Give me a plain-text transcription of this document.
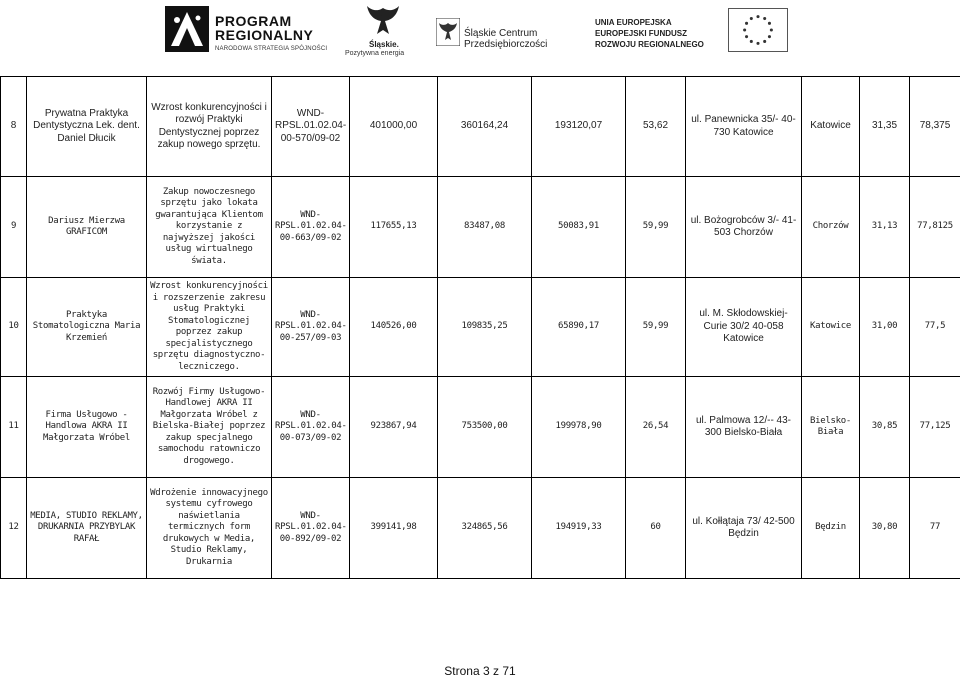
PROGRAM
REGIONALNY
NARODOWA STRATEGIA SPÓJNOŚCI	Śląskie.
Pozytywna energia
Śląskie Centrum
Przedsiębiorczości
UNIA EUROPEJSKA
EUROPEJSKI FUNDUSZ
ROZWOJU REGIONALNEGO
8	Prywatna Praktyka Dentystyczna Lek. dent. Daniel Dłucik	Wzrost konkurencyjności i rozwój Praktyki Dentystycznej poprzez zakup nowego sprzętu.	WND-RPSL.01.02.04-00-570/09-02	401000,00	360164,24	193120,07	53,62	ul. Panewnicka 35/- 40-730 Katowice	Katowice	31,35	78,375
9	Dariusz Mierzwa GRAFICOM	Zakup nowoczesnego sprzętu jako lokata gwarantująca Klientom korzystanie z najwyższej jakości usług wirtualnego świata.	WND-RPSL.01.02.04-00-663/09-02	117655,13	83487,08	50083,91	59,99	ul. Bożogrobców 3/- 41-503 Chorzów	Chorzów	31,13	77,8125
10	Praktyka Stomatologiczna Maria Krzemień	Wzrost konkurencyjności i rozszerzenie zakresu usług Praktyki Stomatologicznej poprzez zakup specjalistycznego sprzętu diagnostyczno-leczniczego.	WND-RPSL.01.02.04-00-257/09-03	140526,00	109835,25	65890,17	59,99	ul. M. Skłodowskiej-Curie 30/2 40-058 Katowice	Katowice	31,00	77,5
11	Firma Usługowo - Handlowa AKRA II Małgorzata Wróbel	Rozwój Firmy Usługowo-Handlowej AKRA II Małgorzata Wróbel z Bielska-Białej poprzez zakup specjalnego samochodu ratowniczo drogowego.	WND-RPSL.01.02.04-00-073/09-02	923867,94	753500,00	199978,90	26,54	ul. Palmowa 12/-- 43-300 Bielsko-Biała	Bielsko-Biała	30,85	77,125
12	MEDIA, STUDIO REKLAMY, DRUKARNIA PRZYBYLAK RAFAŁ	Wdrożenie innowacyjnego systemu cyfrowego naświetlania termicznych form drukowych w Media, Studio Reklamy, Drukarnia	WND-RPSL.01.02.04-00-892/09-02	399141,98	324865,56	194919,33	60	ul. Kołłątaja 73/ 42-500 Będzin	Będzin	30,80	77
Strona 3 z 71
